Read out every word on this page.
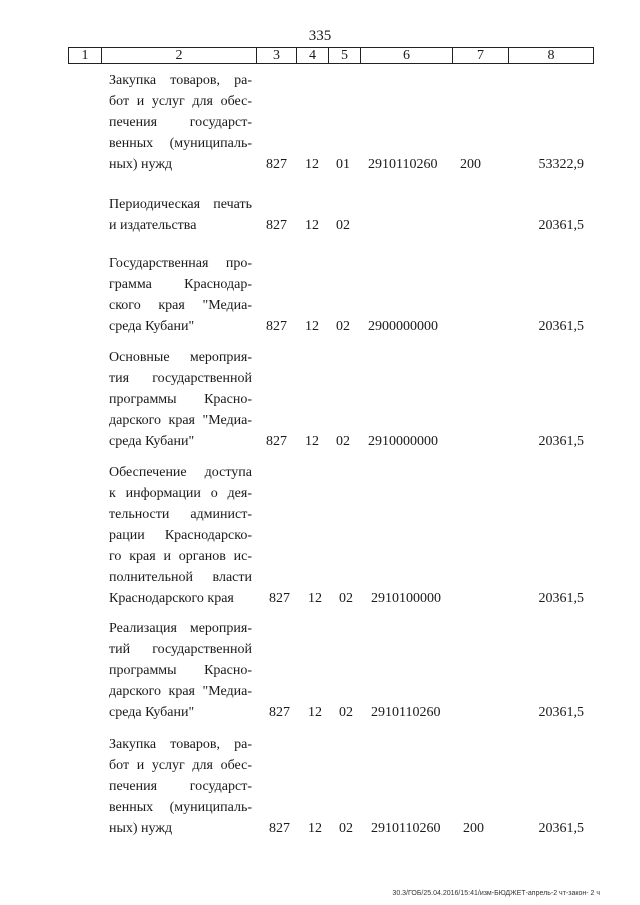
335
1	2	3	4	5	6	7	8
Закупка товаров, ра-
бот и услуг для обес-
печения государст-
венных (муниципаль-
ных) нужд	827 12 01 2910110260 200	53322,9
Периодическая печать
и издательства	827 12 02	20361,5
Государственная про-
грамма Краснодар-
ского края "Медиа-
среда Кубани"	827 12 02 2900000000	20361,5
Основные мероприя-
тия государственной
программы Красно-
дарского края "Медиа-
среда Кубани"	827 12 02 2910000000	20361,5
Обеспечение доступа
к информации о дея-
тельности админист-
рации Краснодарско-
го края и органов ис-
полнительной власти
Краснодарского края	827 12 02 2910100000	20361,5
Реализация мероприя-
тий государственной
программы Красно-
дарского края "Медиа-
среда Кубани"	827 12 02 2910110260	20361,5
Закупка товаров, ра-
бот и услуг для обес-
печения государст-
венных (муниципаль-
ных) нужд	827 12 02 2910110260 200	20361,5
30.3/ГОБ/25.04.2016/15:41/изм-БЮДЖЕТ-апрель-2 чт-закон- 2 ч
